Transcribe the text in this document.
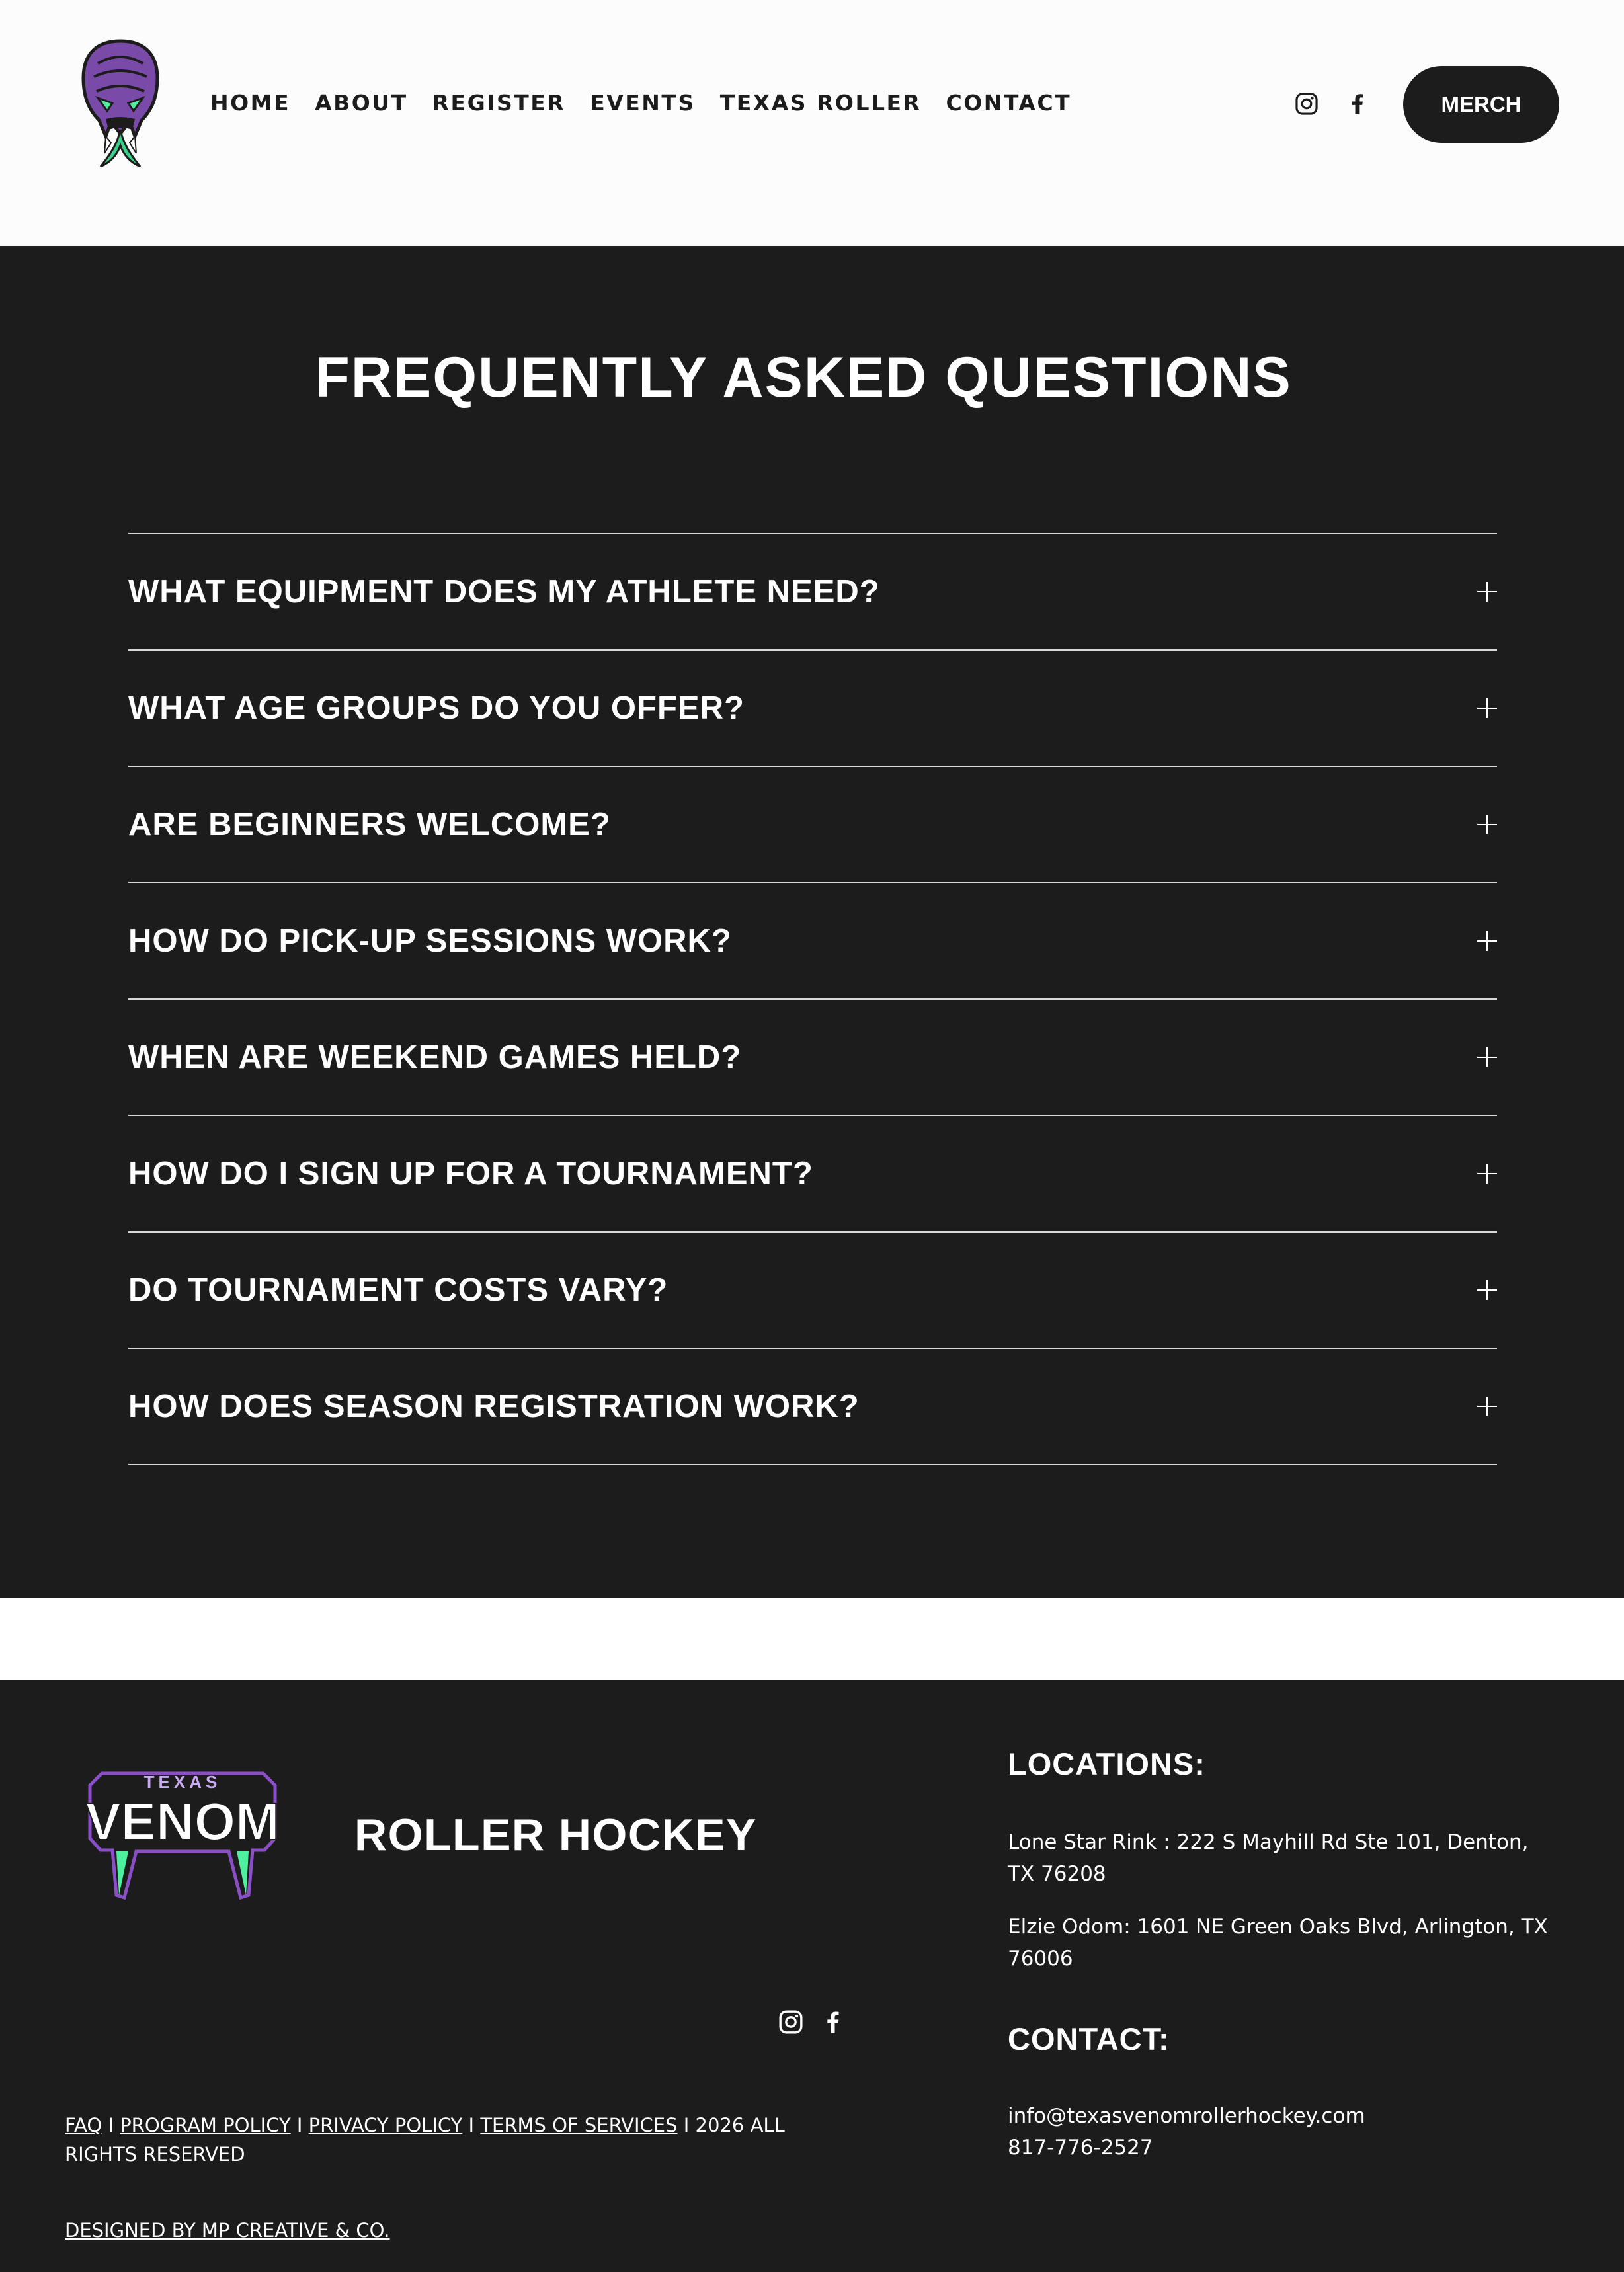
HOME ABOUT REGISTER EVENTS TEXAS ROLLER CONTACT	MERCH
FREQUENTLY ASKED QUESTIONS
WHAT EQUIPMENT DOES MY ATHLETE NEED?
WHAT AGE GROUPS DO YOU OFFER?
ARE BEGINNERS WELCOME?
HOW DO PICK-UP SESSIONS WORK?
WHEN ARE WEEKEND GAMES HELD?
HOW DO I SIGN UP FOR A TOURNAMENT?
DO TOURNAMENT COSTS VARY?
HOW DOES SEASON REGISTRATION WORK?
TEXAS
VENOM ROLLER HOCKEY
FAQ I PROGRAM POLICY I PRIVACY POLICY I TERMS OF SERVICES I 2026 ALL RIGHTS RESERVED
DESIGNED BY MP CREATIVE & CO.
LOCATIONS:
Lone Star Rink : 222 S Mayhill Rd Ste 101, Denton, TX 76208
Elzie Odom: 1601 NE Green Oaks Blvd, Arlington, TX 76006
CONTACT:
info@texasvenomrollerhockey.com
817-776-2527
